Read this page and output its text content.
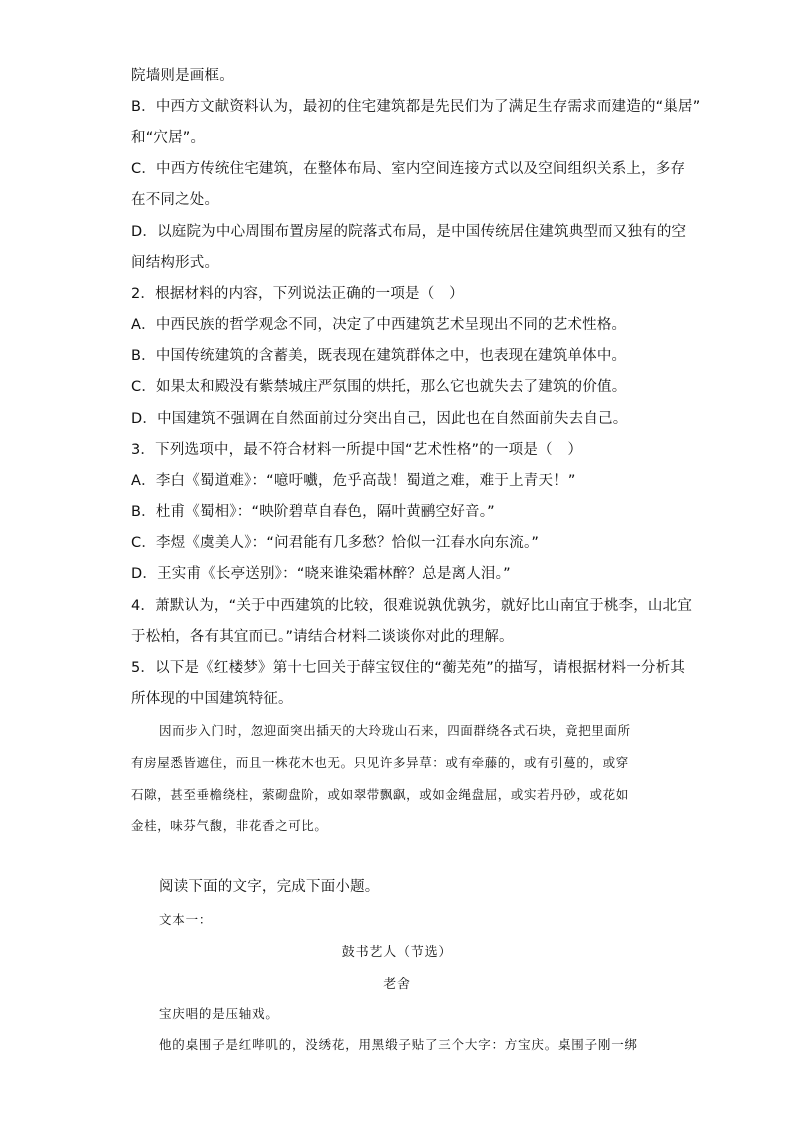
院墙则是画框。
B．中西方文献资料认为，最初的住宅建筑都是先民们为了满足生存需求而建造的“巢居”
和“穴居”。
C．中西方传统住宅建筑，在整体布局、室内空间连接方式以及空间组织关系上，多存
在不同之处。
D．以庭院为中心周围布置房屋的院落式布局，是中国传统居住建筑典型而又独有的空
间结构形式。
2．根据材料的内容，下列说法正确的一项是（　）
A．中西民族的哲学观念不同，决定了中西建筑艺术呈现出不同的艺术性格。
B．中国传统建筑的含蓄美，既表现在建筑群体之中，也表现在建筑单体中。
C．如果太和殿没有紫禁城庄严氛围的烘托，那么它也就失去了建筑的价值。
D．中国建筑不强调在自然面前过分突出自己，因此也在自然面前失去自己。
3．下列选项中，最不符合材料一所提中国“艺术性格”的一项是（　）
A．李白《蜀道难》：“噫吁嚱，危乎高哉！蜀道之难，难于上青天！”
B．杜甫《蜀相》：“映阶碧草自春色，隔叶黄鹂空好音。”
C．李煜《虞美人》：“问君能有几多愁？恰似一江春水向东流。”
D．王实甫《长亭送别》：“晓来谁染霜林醉？总是离人泪。”
4．萧默认为，“关于中西建筑的比较，很难说孰优孰劣，就好比山南宜于桃李，山北宜
于松柏，各有其宜而已。”请结合材料二谈谈你对此的理解。
5．以下是《红楼梦》第十七回关于薛宝钗住的“蘅芜苑”的描写，请根据材料一分析其
所体现的中国建筑特征。
因而步入门时，忽迎面突出插天的大玲珑山石来，四面群绕各式石块，竟把里面所
有房屋悉皆遮住，而且一株花木也无。只见许多异草：或有牵藤的，或有引蔓的，或穿
石隙，甚至垂檐绕柱，萦砌盘阶，或如翠带飘飖，或如金绳盘屈，或实若丹砂，或花如
金桂，味芬气馥，非花香之可比。
阅读下面的文字，完成下面小题。
文本一：
鼓书艺人（节选）
老舍
宝庆唱的是压轴戏。
他的桌围子是红哔叽的，没绣花，用黑缎子贴了三个大字：方宝庆。桌围子刚一绑
